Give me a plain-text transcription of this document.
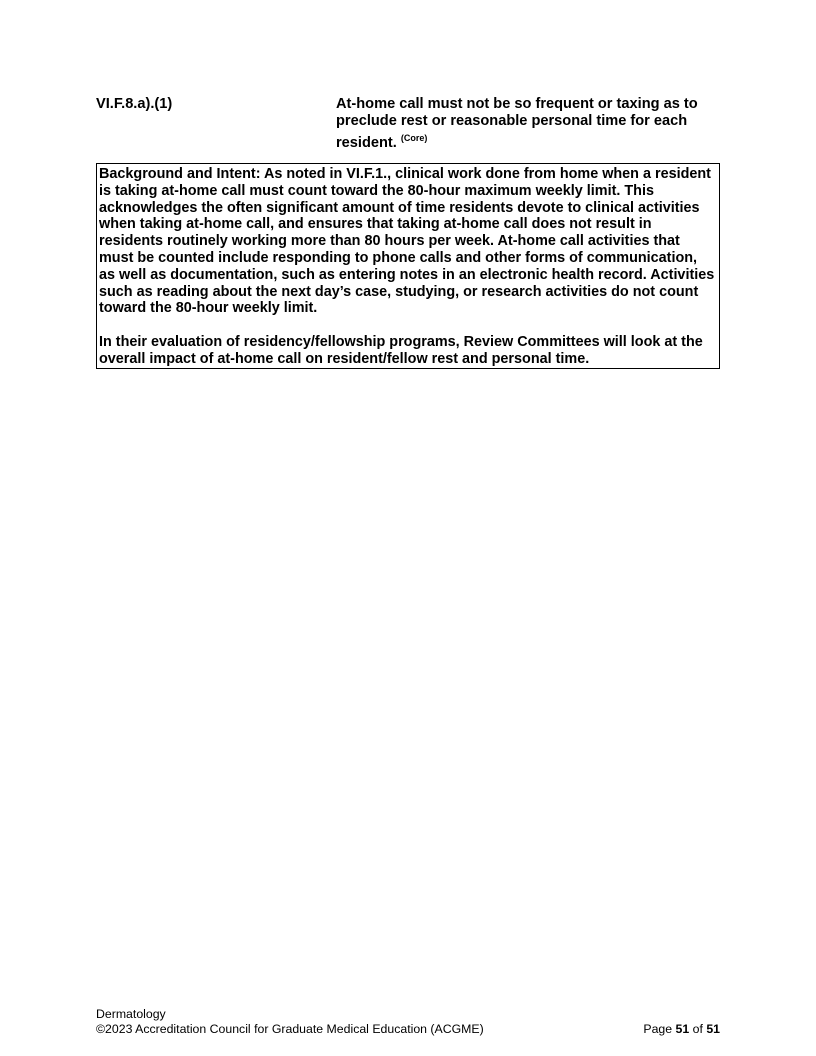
VI.F.8.a).(1)	At-home call must not be so frequent or taxing as to preclude rest or reasonable personal time for each resident. $^{(Core)}$

Background and Intent: As noted in VI.F.1., clinical work done from home when a resident is taking at-home call must count toward the 80-hour maximum weekly limit. This acknowledges the often significant amount of time residents devote to clinical activities when taking at-home call, and ensures that taking at-home call does not result in residents routinely working more than 80 hours per week. At-home call activities that must be counted include responding to phone calls and other forms of communication, as well as documentation, such as entering notes in an electronic health record. Activities such as reading about the next day’s case, studying, or research activities do not count toward the 80-hour weekly limit.

In their evaluation of residency/fellowship programs, Review Committees will look at the overall impact of at-home call on resident/fellow rest and personal time.

Dermatology
©2023 Accreditation Council for Graduate Medical Education (ACGME)	Page 51 of 51
